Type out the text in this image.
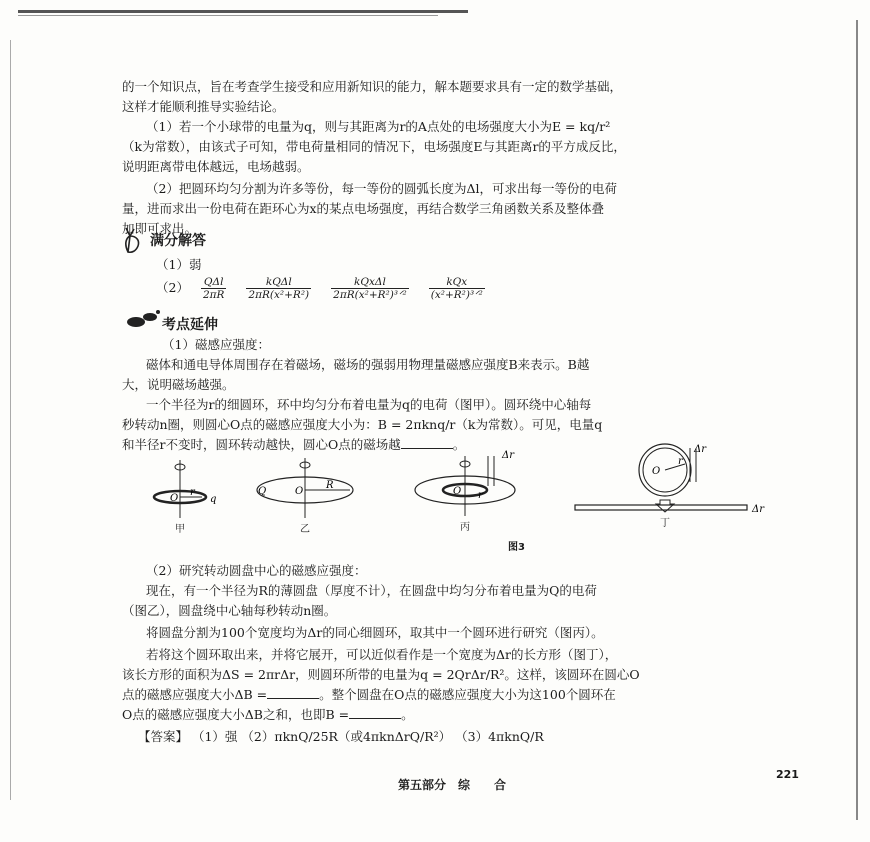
的一个知识点，旨在考查学生接受和应用新知识的能力，解本题要求具有一定的数学基础，
这样才能顺利推导实验结论。
（1）若一个小球带的电量为q，则与其距离为r的A点处的电场强度大小为E = kq/r²
（k为常数），由该式子可知，带电荷量相同的情况下，电场强度E与其距离r的平方成反比，
说明距离带电体越远，电场越弱。
（2）把圆环均匀分割为许多等份，每一等份的圆弧长度为Δl，可求出每一等份的电荷
量，进而求出一份电荷在距环心为x的某点电场强度，再结合数学三角函数关系及整体叠
加即可求出。
满分解答
（1）弱
$(2) \frac{\text{QΔl}}{2\pi R}$
$\frac{\text{kQΔl}}{\text{2πR(x²+R²)}}$
$\frac{\text{kQxΔl}}{\text{2πR(x²+R²)³ᐟ²}}$
$\frac{\text{kQx}}{\text{(x²+R²)³ᐟ²}}$
考点延伸
（1）磁感应强度：
磁体和通电导体周围存在着磁场，磁场的强弱用物理量磁感应强度B来表示。B越
大，说明磁场越强。
一个半径为r的细圆环，环中均匀分布着电量为q的电荷（图甲）。圆环绕中心轴每
秒转动n圈，则圆心O点的磁感应强度大小为：B = 2πknq/r（k为常数）。可见，电量q
和半径r不变时，圆环转动越快，圆心O点的磁场越	。
O
r
q
Q	O
R
Δr
O r
O
r
Δr
Δr
甲	乙	丙	丁
图3
（2）研究转动圆盘中心的磁感应强度：
现在，有一个半径为R的薄圆盘（厚度不计），在圆盘中均匀分布着电量为Q的电荷
（图乙），圆盘绕中心轴每秒转动n圈。
将圆盘分割为100个宽度均为Δr的同心细圆环，取其中一个圆环进行研究（图丙）。
若将这个圆环取出来，并将它展开，可以近似看作是一个宽度为Δr的长方形（图丁），
该长方形的面积为ΔS = 2πrΔr，则圆环所带的电量为q = 2QrΔr/R²。这样，该圆环在圆心O
点的磁感应强度大小ΔB =	。整个圆盘在O点的磁感应强度大小为这100个圆环在
O点的磁感应强度大小ΔB之和，也即B =	。
【答案】 （1）强 （2）πknQ/25R（或4πknΔrQ/R²） （3）4πknQ/R
第五部分　综　　合
221
